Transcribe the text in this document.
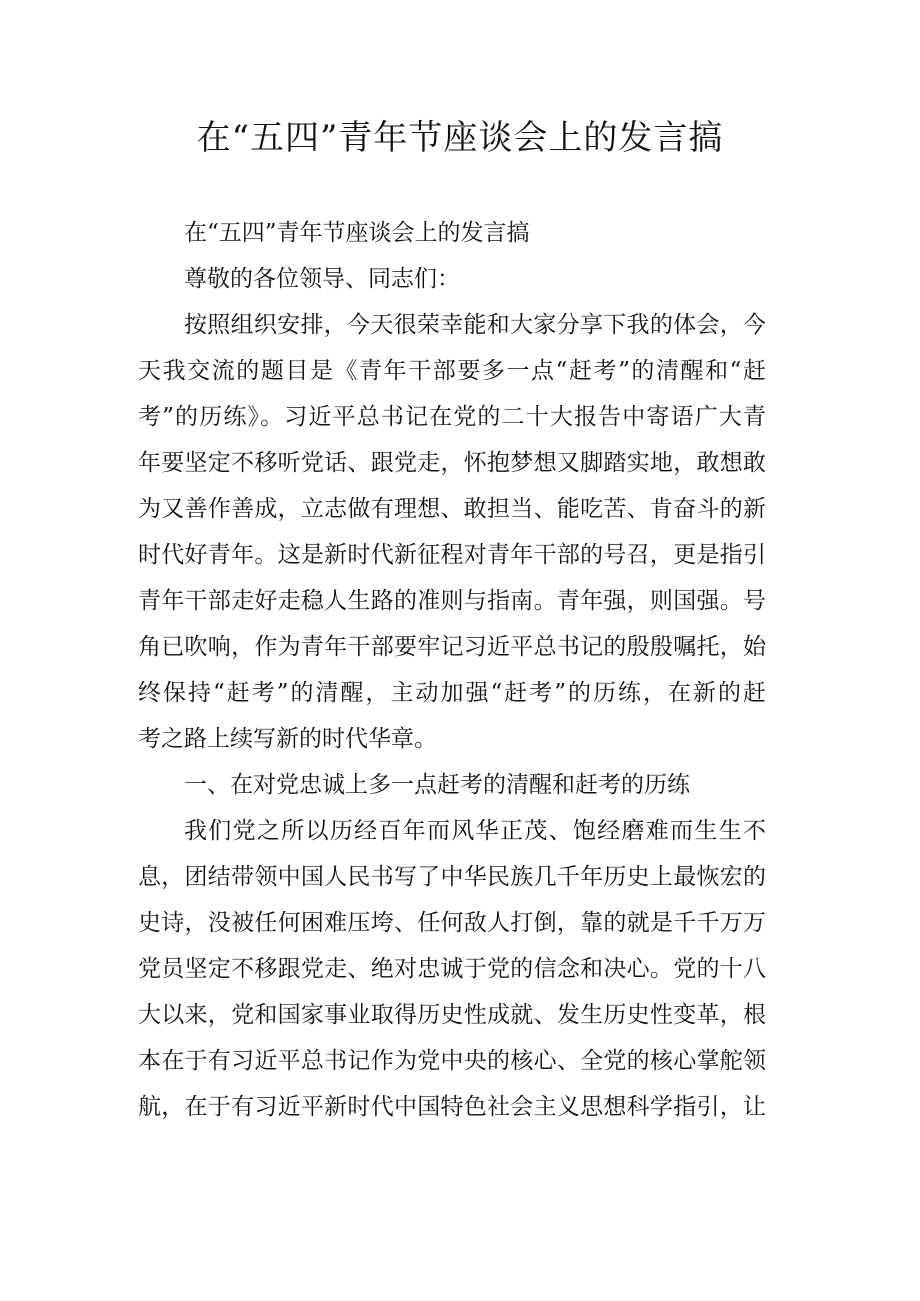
在“五四”青年节座谈会上的发言搞
在“五四”青年节座谈会上的发言搞
尊敬的各位领导、同志们：
按照组织安排，今天很荣幸能和大家分享下我的体会，今
天我交流的题目是《青年干部要多一点“赶考”的清醒和“赶
考”的历练》。习近平总书记在党的二十大报告中寄语广大青
年要坚定不移听党话、跟党走，怀抱梦想又脚踏实地，敢想敢
为又善作善成，立志做有理想、敢担当、能吃苦、肯奋斗的新
时代好青年。这是新时代新征程对青年干部的号召，更是指引
青年干部走好走稳人生路的准则与指南。青年强，则国强。号
角已吹响，作为青年干部要牢记习近平总书记的殷殷嘱托，始
终保持“赶考”的清醒，主动加强“赶考”的历练，在新的赶
考之路上续写新的时代华章。
一、在对党忠诚上多一点赶考的清醒和赶考的历练
我们党之所以历经百年而风华正茂、饱经磨难而生生不
息，团结带领中国人民书写了中华民族几千年历史上最恢宏的
史诗，没被任何困难压垮、任何敌人打倒，靠的就是千千万万
党员坚定不移跟党走、绝对忠诚于党的信念和决心。党的十八
大以来，党和国家事业取得历史性成就、发生历史性变革，根
本在于有习近平总书记作为党中央的核心、全党的核心掌舵领
航，在于有习近平新时代中国特色社会主义思想科学指引，让
